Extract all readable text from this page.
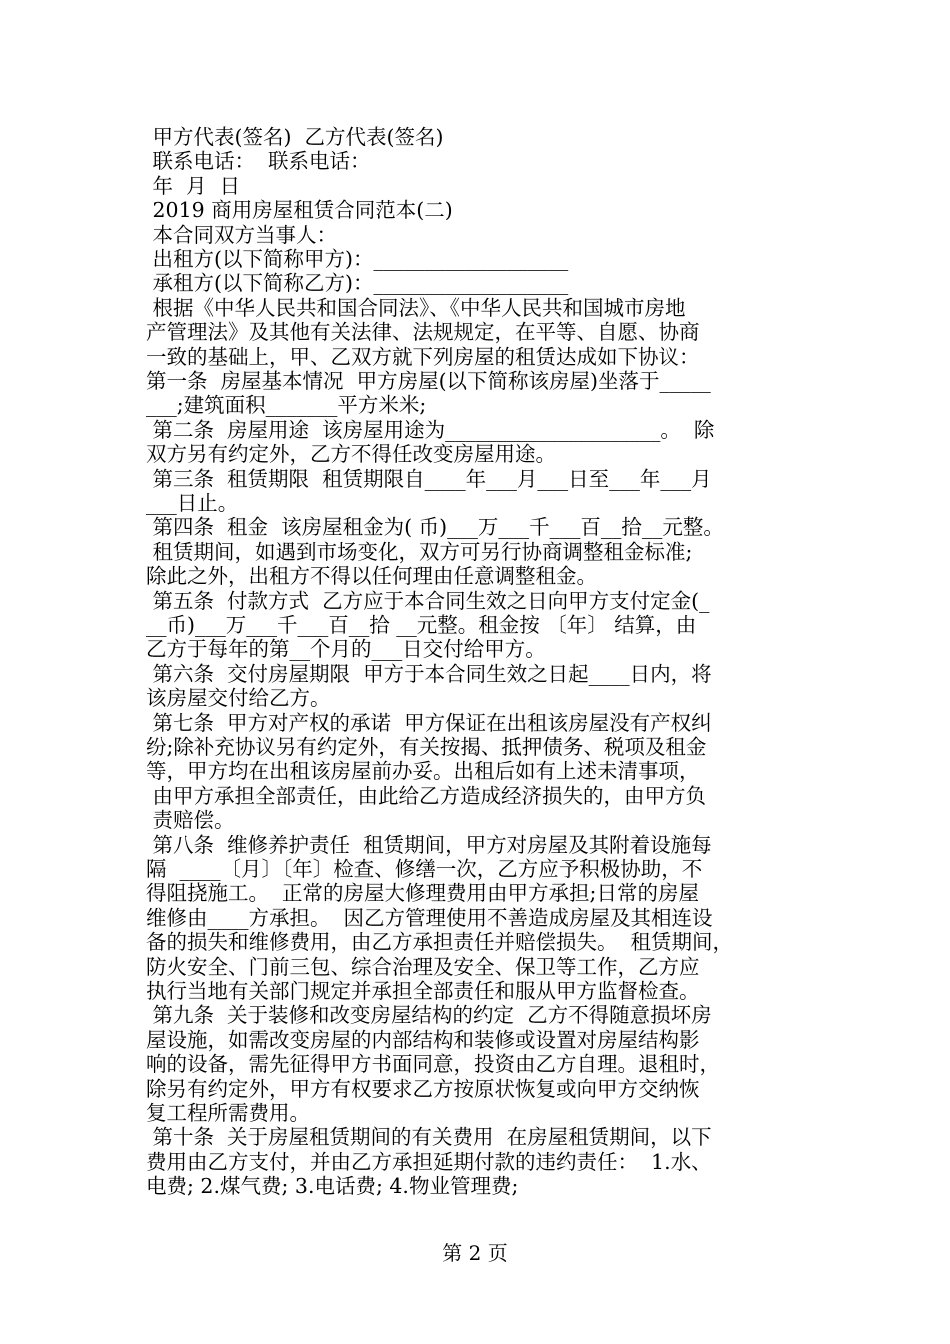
甲方代表(签名)  乙方代表(签名)
联系电话：  联系电话：
年  月  日
2019 商用房屋租赁合同范本(二)
本合同双方当事人：
出租方(以下简称甲方)：___________________
承租方(以下简称乙方)：___________________
根据《中华人民共和国合同法》、《中华人民共和国城市房地
产管理法》及其他有关法律、法规规定，在平等、自愿、协商
一致的基础上，甲、乙双方就下列房屋的租赁达成如下协议：
第一条  房屋基本情况  甲方房屋(以下简称该房屋)坐落于_____
___;建筑面积_______平方米米;
第二条  房屋用途  该房屋用途为_____________________。  除
双方另有约定外，乙方不得任改变房屋用途。
第三条  租赁期限  租赁期限自____年___月___日至___年___月
___日止。
第四条  租金  该房屋租金为( 币)___万___千___百__拾__元整。
租赁期间，如遇到市场变化，双方可另行协商调整租金标准;
除此之外，出租方不得以任何理由任意调整租金。
第五条  付款方式  乙方应于本合同生效之日向甲方支付定金(_
__币)___万___千___百__拾 __元整。租金按 〔年〕 结算，由
乙方于每年的第__个月的___日交付给甲方。
第六条  交付房屋期限  甲方于本合同生效之日起____日内，将
该房屋交付给乙方。
第七条  甲方对产权的承诺  甲方保证在出租该房屋没有产权纠
纷;除补充协议另有约定外，有关按揭、抵押债务、税项及租金
等，甲方均在出租该房屋前办妥。出租后如有上述未清事项，
由甲方承担全部责任，由此给乙方造成经济损失的，由甲方负
责赔偿。
第八条  维修养护责任  租赁期间，甲方对房屋及其附着设施每
隔  ____〔月〕〔年〕检查、修缮一次，乙方应予积极协助，不
得阻挠施工。  正常的房屋大修理费用由甲方承担;日常的房屋
维修由____方承担。  因乙方管理使用不善造成房屋及其相连设
备的损失和维修费用，由乙方承担责任并赔偿损失。  租赁期间，
防火安全、门前三包、综合治理及安全、保卫等工作，乙方应
执行当地有关部门规定并承担全部责任和服从甲方监督检查。
第九条  关于装修和改变房屋结构的约定  乙方不得随意损坏房
屋设施，如需改变房屋的内部结构和装修或设置对房屋结构影
响的设备，需先征得甲方书面同意，投资由乙方自理。退租时，
除另有约定外，甲方有权要求乙方按原状恢复或向甲方交纳恢
复工程所需费用。
第十条  关于房屋租赁期间的有关费用  在房屋租赁期间，以下
费用由乙方支付，并由乙方承担延期付款的违约责任：  1.水、
电费; 2.煤气费; 3.电话费; 4.物业管理费;
第 2 页
